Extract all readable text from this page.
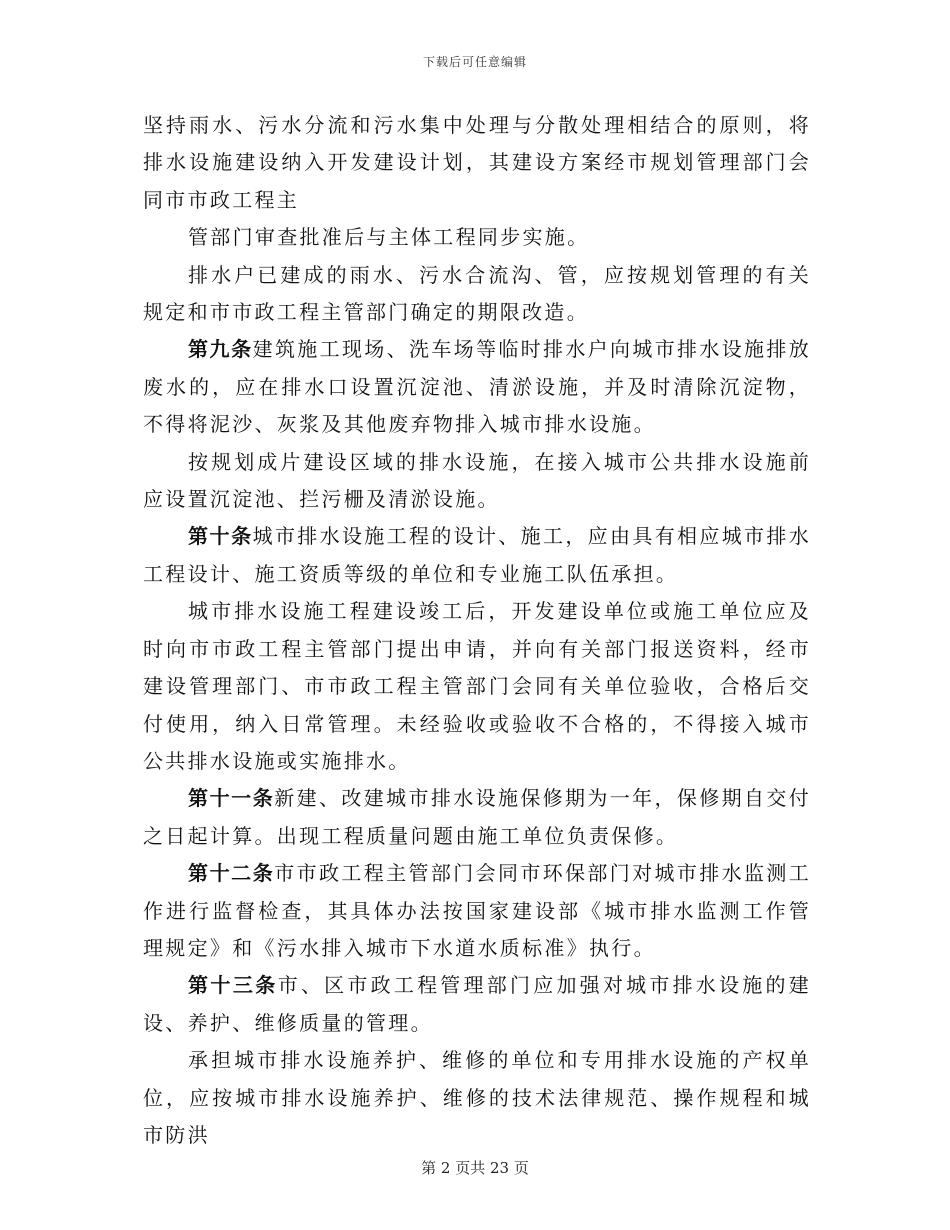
下载后可任意编辑

坚持雨水、污水分流和污水集中处理与分散处理相结合的原则，将排水设施建设纳入开发建设计划，其建设方案经市规划管理部门会同市市政工程主

管部门审查批准后与主体工程同步实施。

排水户已建成的雨水、污水合流沟、管，应按规划管理的有关规定和市市政工程主管部门确定的期限改造。

第九条建筑施工现场、洗车场等临时排水户向城市排水设施排放废水的，应在排水口设置沉淀池、清淤设施，并及时清除沉淀物，不得将泥沙、灰浆及其他废弃物排入城市排水设施。

按规划成片建设区域的排水设施，在接入城市公共排水设施前应设置沉淀池、拦污栅及清淤设施。

第十条城市排水设施工程的设计、施工，应由具有相应城市排水工程设计、施工资质等级的单位和专业施工队伍承担。

城市排水设施工程建设竣工后，开发建设单位或施工单位应及时向市市政工程主管部门提出申请，并向有关部门报送资料，经市建设管理部门、市市政工程主管部门会同有关单位验收，合格后交付使用，纳入日常管理。未经验收或验收不合格的，不得接入城市公共排水设施或实施排水。

第十一条新建、改建城市排水设施保修期为一年，保修期自交付之日起计算。出现工程质量问题由施工单位负责保修。

第十二条市市政工程主管部门会同市环保部门对城市排水监测工作进行监督检查，其具体办法按国家建设部《城市排水监测工作管理规定》和《污水排入城市下水道水质标准》执行。

第十三条市、区市政工程管理部门应加强对城市排水设施的建设、养护、维修质量的管理。

承担城市排水设施养护、维修的单位和专用排水设施的产权单位，应按城市排水设施养护、维修的技术法律规范、操作规程和城市防洪

第 2 页共 23 页
